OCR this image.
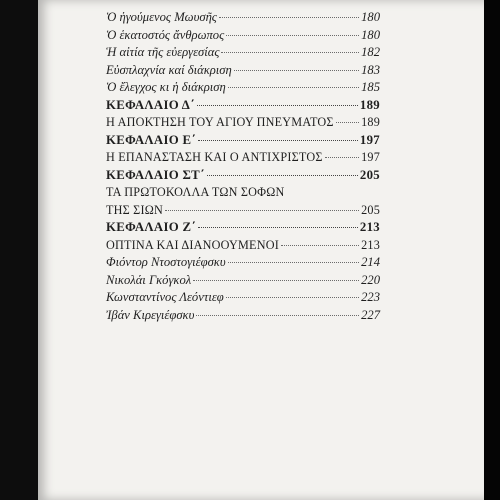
Ὁ ἡγούμενος Μωυσῆς	180
Ὁ ἑκατοστός ἄνθρωπος	180
Ἡ αἰτία τῆς εὐεργεσίας	182
Εὐσπλαχνία καί διάκριση	183
Ὁ ἔλεγχος κι ἡ διάκριση	185
ΚΕΦΑΛΑΙΟ Δ΄	189
Η ΑΠΟΚΤΗΣΗ ΤΟΥ ΑΓΙΟΥ ΠΝΕΥΜΑΤΟΣ 189
ΚΕΦΑΛΑΙΟ Ε΄	197
Η ΕΠΑΝΑΣΤΑΣΗ ΚΑΙ Ο ΑΝΤΙΧΡΙΣΤΟΣ	197
ΚΕΦΑΛΑΙΟ ΣΤ΄	205
ΤΑ ΠΡΩΤΟΚΟΛΛΑ ΤΩΝ ΣΟΦΩΝ
ΤΗΣ ΣΙΩΝ	205
ΚΕΦΑΛΑΙΟ Ζ΄	213
ΟΠΤΙΝΑ ΚΑΙ ΔΙΑΝΟΟΥΜΕΝΟΙ	213
Φιόντορ Ντοστογιέφσκυ	214
Νικολάι Γκόγκολ	220
Κωνσταντίνος Λεόντιεφ	223
Ἰβάν Κιρεγιέφσκυ	227
